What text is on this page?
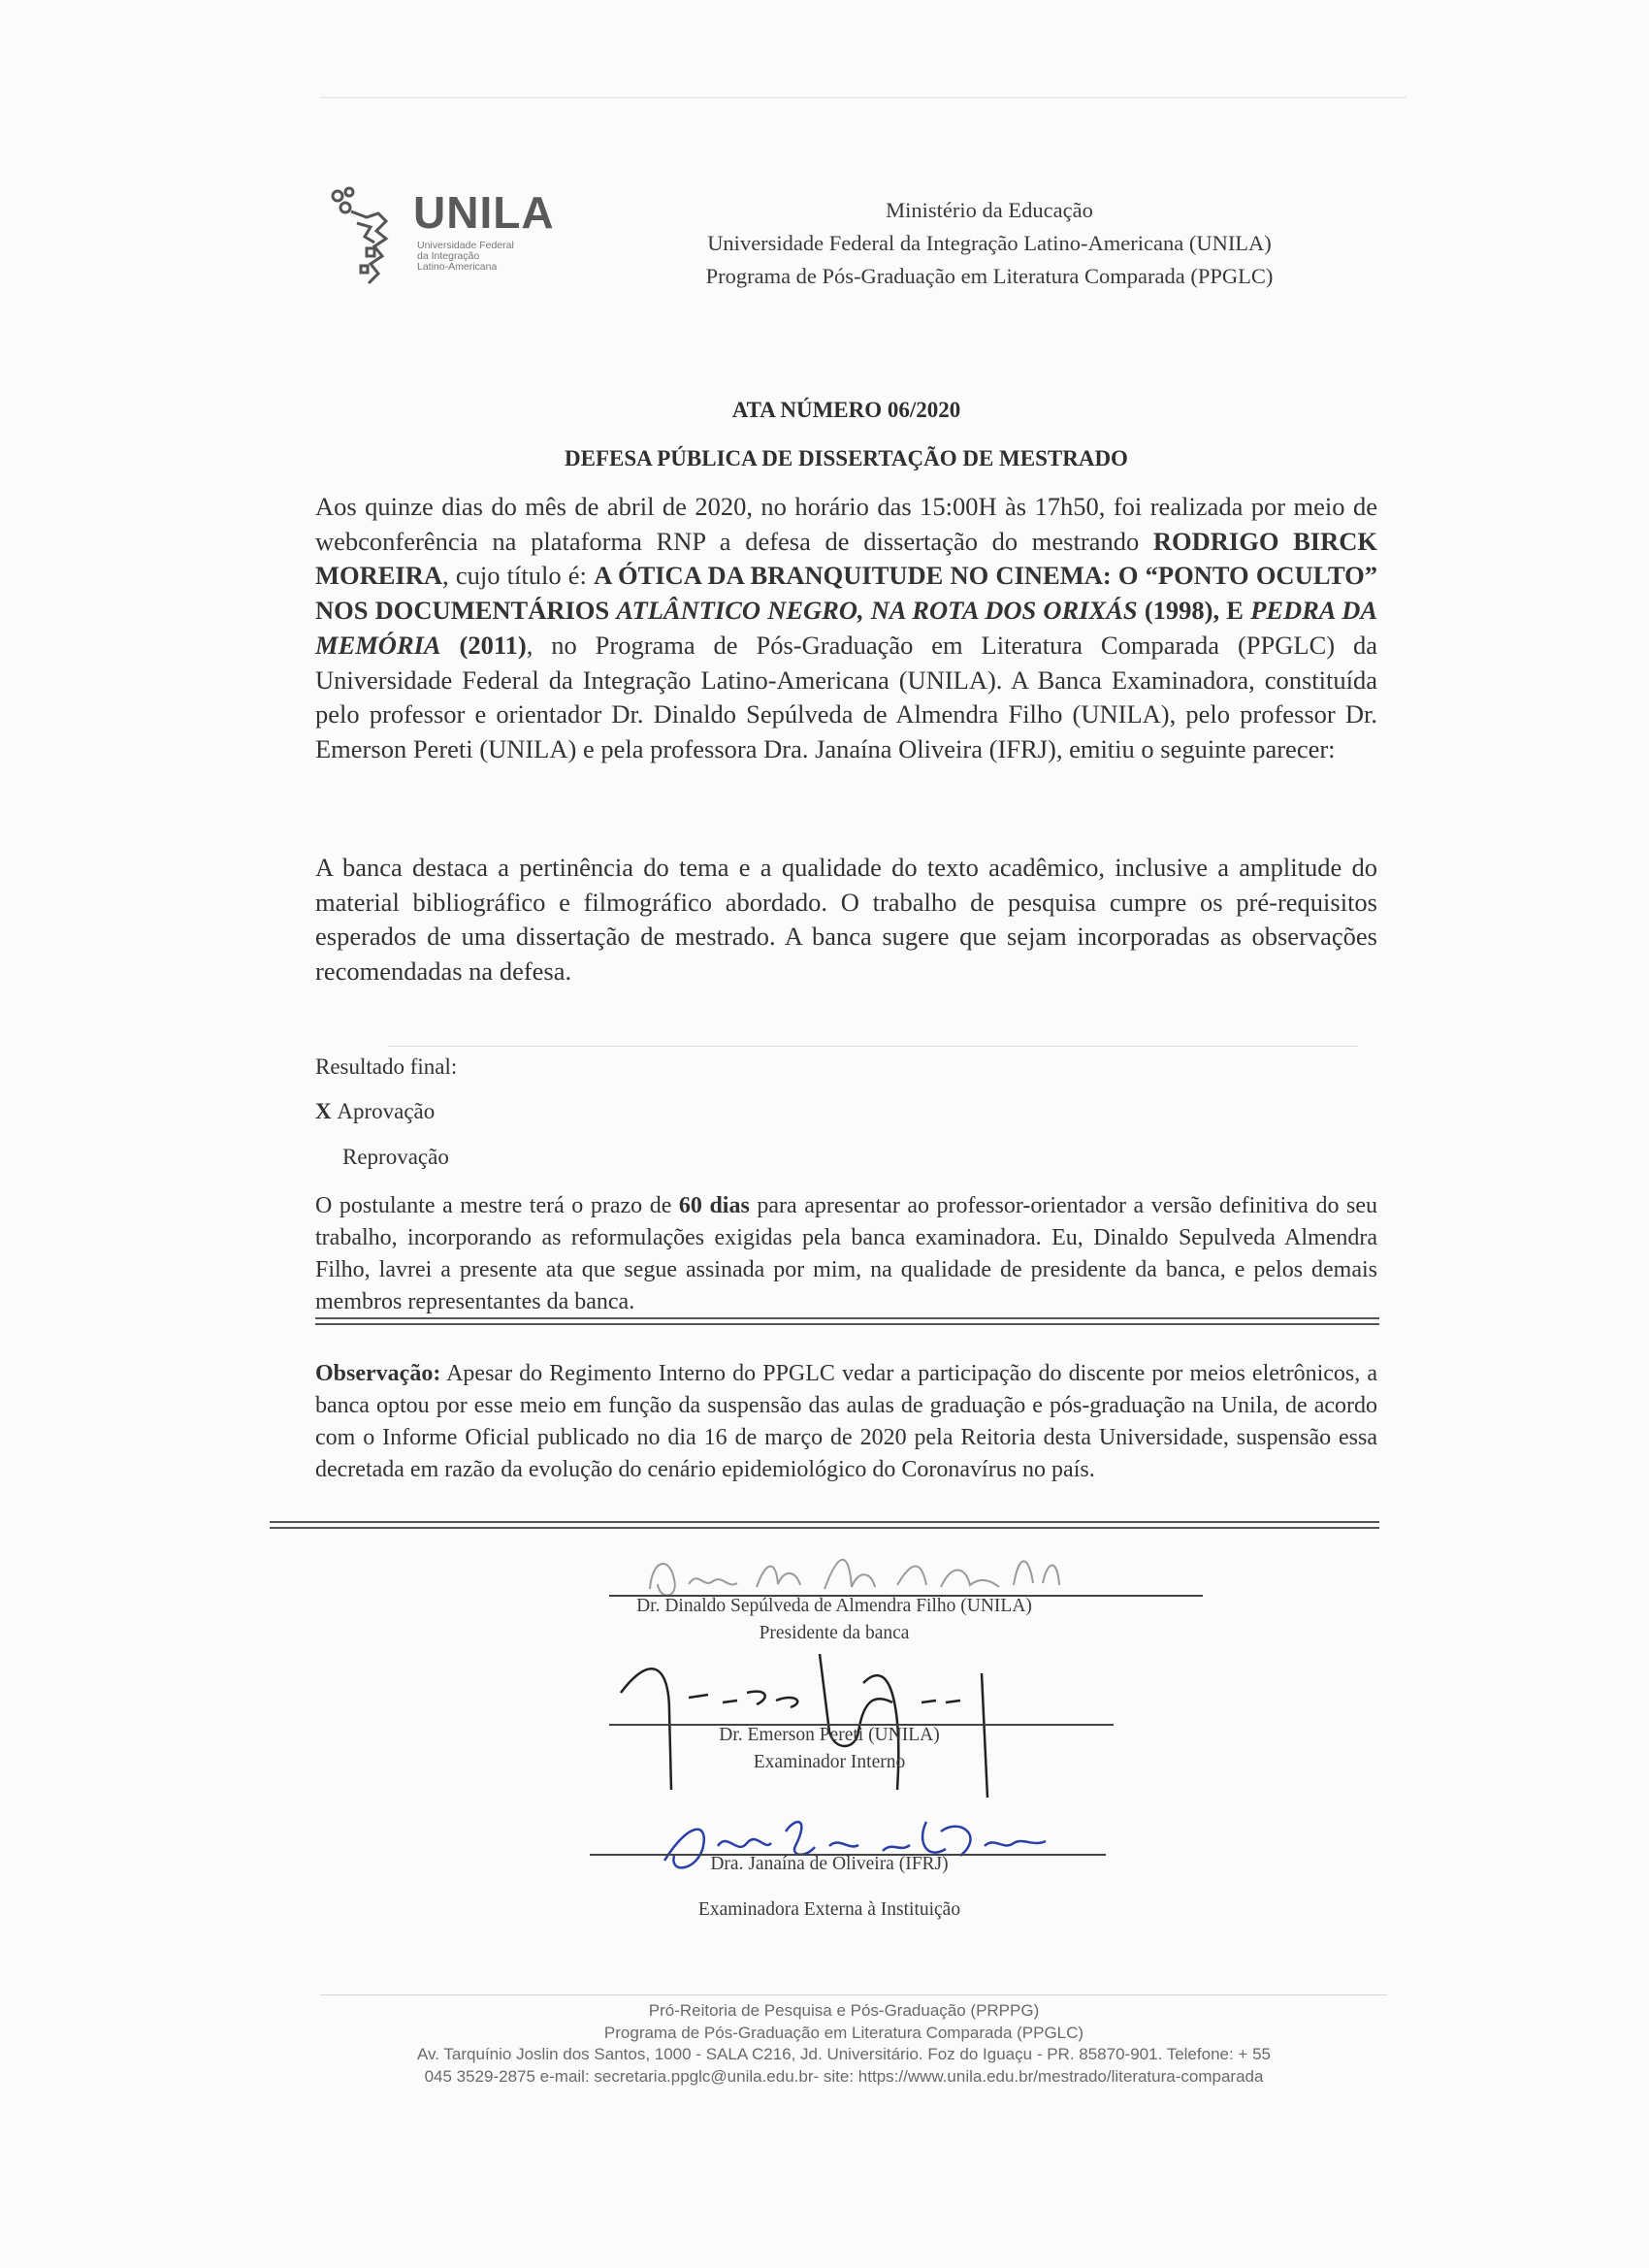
UNILA
Universidade Federal
da Integração
Latino-Americana
Ministério da Educação
Universidade Federal da Integração Latino-Americana (UNILA)
Programa de Pós-Graduação em Literatura Comparada (PPGLC)
ATA NÚMERO 06/2020
DEFESA PÚBLICA DE DISSERTAÇÃO DE MESTRADO
Aos quinze dias do mês de abril de 2020, no horário das 15:00H às 17h50, foi realizada por meio de webconferência na plataforma RNP a defesa de dissertação do mestrando RODRIGO BIRCK MOREIRA, cujo título é: A ÓTICA DA BRANQUITUDE NO CINEMA: O “PONTO OCULTO” NOS DOCUMENTÁRIOS ATLÂNTICO NEGRO, NA ROTA DOS ORIXÁS (1998), E PEDRA DA MEMÓRIA (2011), no Programa de Pós-Graduação em Literatura Comparada (PPGLC) da Universidade Federal da Integração Latino-Americana (UNILA). A Banca Examinadora, constituída pelo professor e orientador Dr. Dinaldo Sepúlveda de Almendra Filho (UNILA), pelo professor Dr. Emerson Pereti (UNILA) e pela professora Dra. Janaína Oliveira (IFRJ), emitiu o seguinte parecer:
A banca destaca a pertinência do tema e a qualidade do texto acadêmico, inclusive a amplitude do material bibliográfico e filmográfico abordado. O trabalho de pesquisa cumpre os pré-requisitos esperados de uma dissertação de mestrado. A banca sugere que sejam incorporadas as observações recomendadas na defesa.
Resultado final:
X Aprovação
Reprovação
O postulante a mestre terá o prazo de 60 dias para apresentar ao professor-orientador a versão definitiva do seu trabalho, incorporando as reformulações exigidas pela banca examinadora. Eu, Dinaldo Sepulveda Almendra Filho, lavrei a presente ata que segue assinada por mim, na qualidade de presidente da banca, e pelos demais membros representantes da banca.
Observação: Apesar do Regimento Interno do PPGLC vedar a participação do discente por meios eletrônicos, a banca optou por esse meio em função da suspensão das aulas de graduação e pós-graduação na Unila, de acordo com o Informe Oficial publicado no dia 16 de março de 2020 pela Reitoria desta Universidade, suspensão essa decretada em razão da evolução do cenário epidemiológico do Coronavírus no país.
Dr. Dinaldo Sepúlveda de Almendra Filho (UNILA)
Presidente da banca
Dr. Emerson Pereti (UNILA)
Examinador Interno
Dra. Janaína de Oliveira (IFRJ)
Examinadora Externa à Instituição
Pró-Reitoria de Pesquisa e Pós-Graduação (PRPPG)
Programa de Pós-Graduação em Literatura Comparada (PPGLC)
Av. Tarquínio Joslin dos Santos, 1000 - SALA C216, Jd. Universitário. Foz do Iguaçu - PR. 85870-901. Telefone: + 55
045 3529-2875 e-mail: secretaria.ppglc@unila.edu.br- site: https://www.unila.edu.br/mestrado/literatura-comparada
